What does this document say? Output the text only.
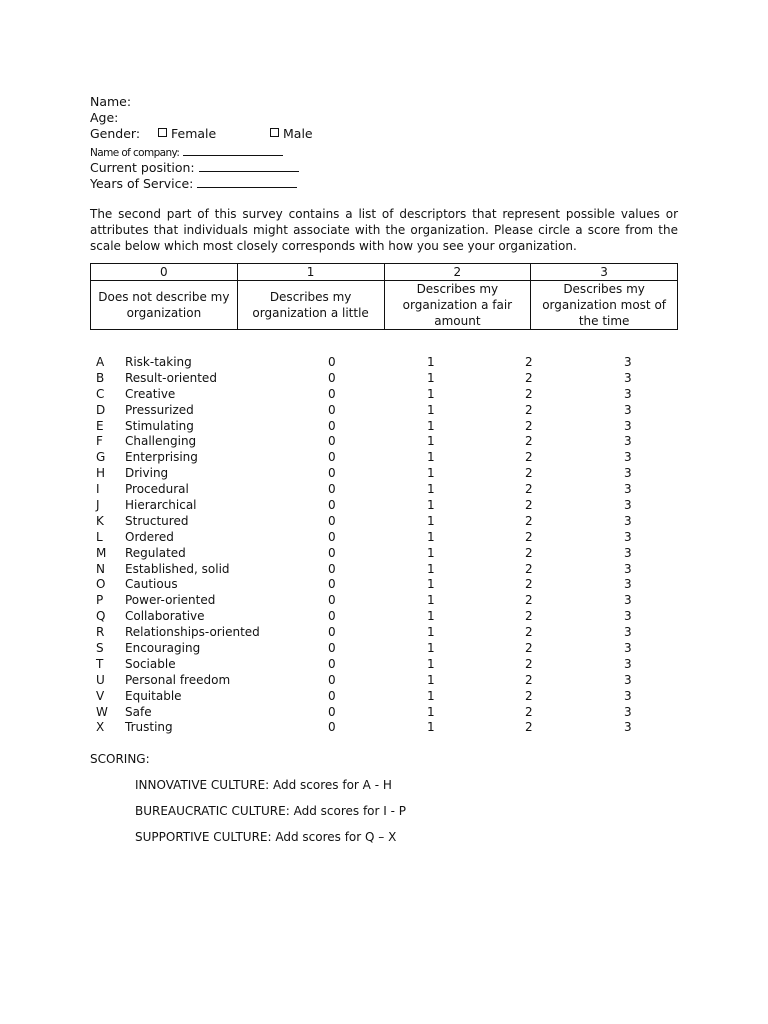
Name:
Age:
Gender:	Female	Male
Name of company:
Current position:
Years of Service:
The second part of this survey contains a list of descriptors that represent possible values or attributes that individuals might associate with the organization. Please circle a score from the scale below which most closely corresponds with how you see your organization.
0	1	2	3
Does not describe my organization	Describes my organization a little	Describes my organization a fair amount	Describes my organization most of the time
A Risk-taking	0	1	2	3
B Result-oriented	0	1	2	3
C Creative	0	1	2	3
D Pressurized	0	1	2	3
E Stimulating	0	1	2	3
F Challenging	0	1	2	3
G Enterprising	0	1	2	3
H Driving	0	1	2	3
I Procedural	0	1	2	3
J Hierarchical	0	1	2	3
K Structured	0	1	2	3
L Ordered	0	1	2	3
M Regulated	0	1	2	3
N Established, solid	0	1	2	3
O Cautious	0	1	2	3
P Power-oriented	0	1	2	3
Q Collaborative	0	1	2	3
R Relationships-oriented	0	1	2	3
S Encouraging	0	1	2	3
T Sociable	0	1	2	3
U Personal freedom	0	1	2	3
V Equitable	0	1	2	3
W Safe	0	1	2	3
X Trusting	0	1	2	3
SCORING:
INNOVATIVE CULTURE: Add scores for A - H
BUREAUCRATIC CULTURE: Add scores for I - P
SUPPORTIVE CULTURE: Add scores for Q – X
